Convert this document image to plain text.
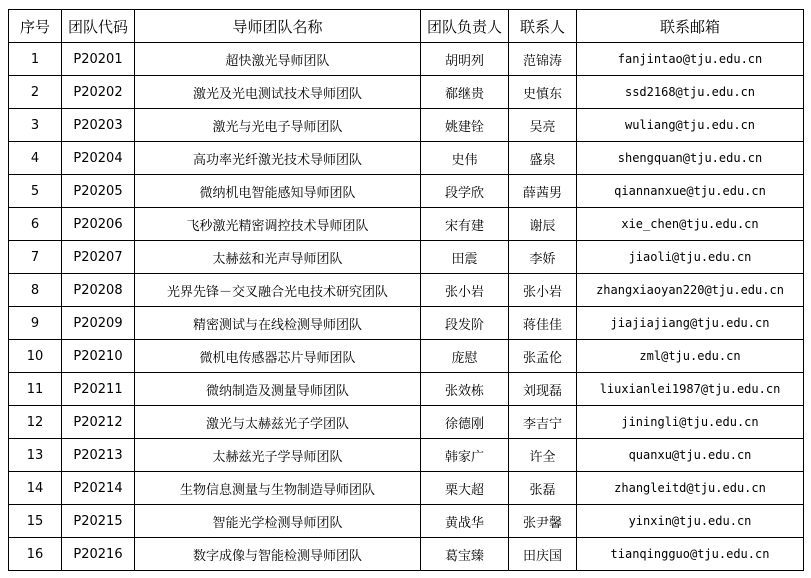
序号	团队代码	导师团队名称	团队负责人	联系人	联系邮箱
1	P20201	超快激光导师团队	胡明列	范锦涛	fanjintao@tju.edu.cn
2	P20202	激光及光电测试技术导师团队	郗继贵	史慎东	ssd2168@tju.edu.cn
3	P20203	激光与光电子导师团队	姚建铨	吴亮	wuliang@tju.edu.cn
4	P20204	高功率光纤激光技术导师团队	史伟	盛泉	shengquan@tju.edu.cn
5	P20205	微纳机电智能感知导师团队	段学欣	薛茜男	qiannanxue@tju.edu.cn
6	P20206	飞秒激光精密调控技术导师团队	宋有建	谢辰	xie_chen@tju.edu.cn
7	P20207	太赫兹和光声导师团队	田震	李娇	jiaoli@tju.edu.cn
8	P20208	光界先锋－交叉融合光电技术研究团队	张小岩	张小岩	zhangxiaoyan220@tju.edu.cn
9	P20209	精密测试与在线检测导师团队	段发阶	蒋佳佳	jiajiajiang@tju.edu.cn
10	P20210	微机电传感器芯片导师团队	庞慰	张孟伦	zml@tju.edu.cn
11	P20211	微纳制造及测量导师团队	张效栋	刘现磊	liuxianlei1987@tju.edu.cn
12	P20212	激光与太赫兹光子学团队	徐德刚	李吉宁	jiningli@tju.edu.cn
13	P20213	太赫兹光子学导师团队	韩家广	许全	quanxu@tju.edu.cn
14	P20214	生物信息测量与生物制造导师团队	栗大超	张磊	zhangleitd@tju.edu.cn
15	P20215	智能光学检测导师团队	黄战华	张尹馨	yinxin@tju.edu.cn
16	P20216	数字成像与智能检测导师团队	葛宝臻	田庆国	tianqingguo@tju.edu.cn
